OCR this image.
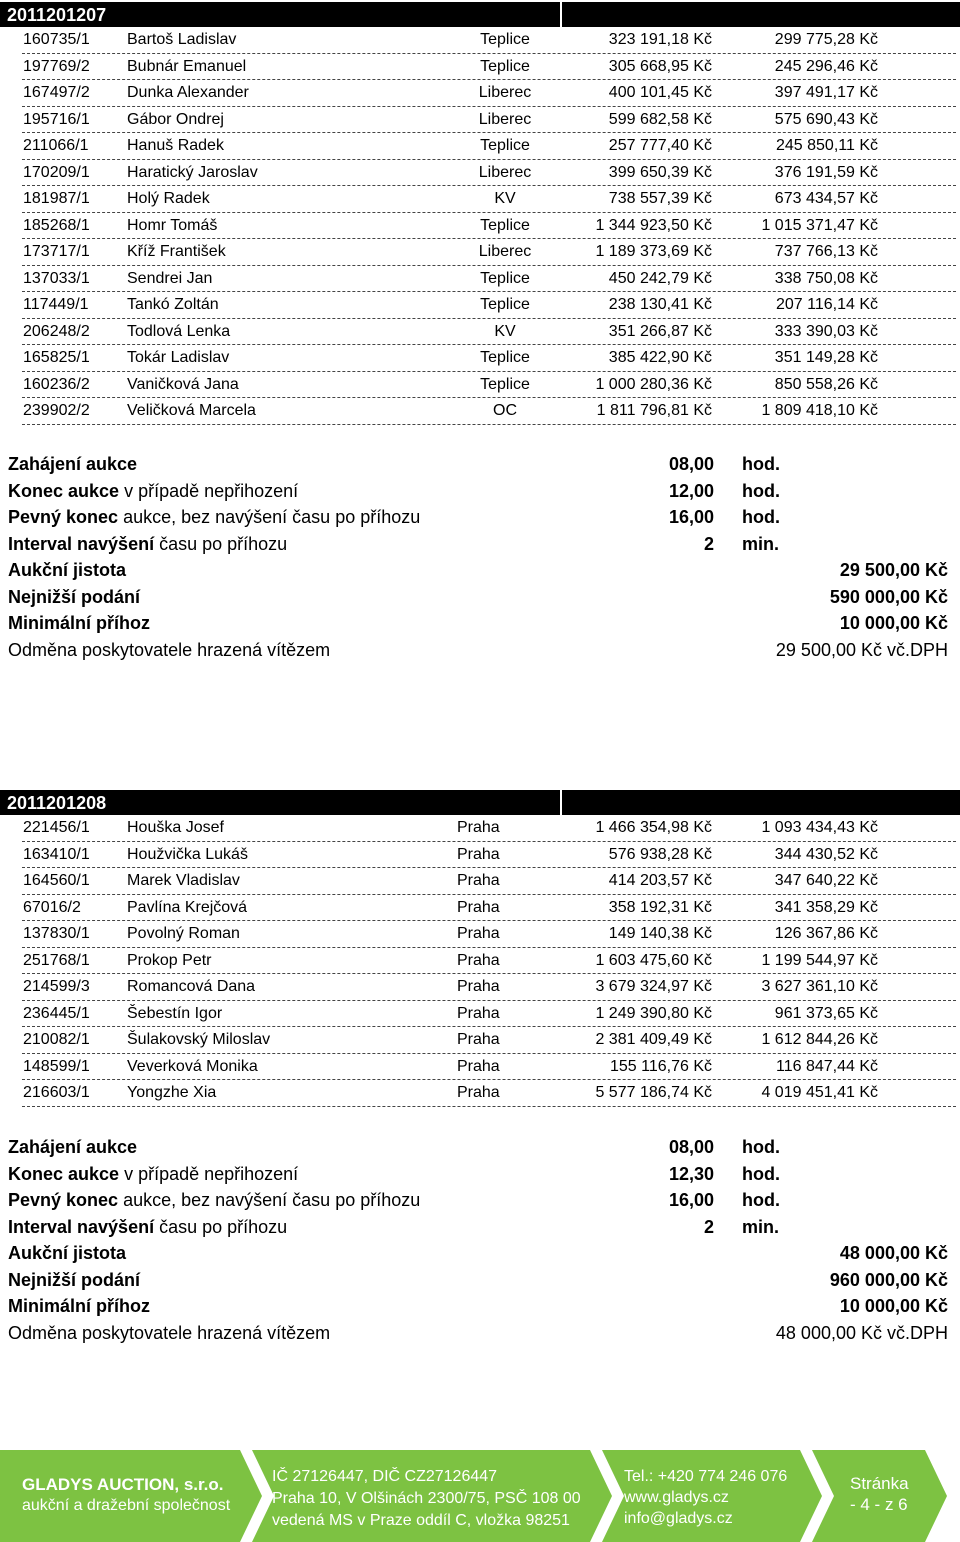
2011201207
160735/1 Bartoš Ladislav	Teplice	323 191,18 Kč	299 775,28 Kč
197769/2 Bubnár Emanuel	Teplice	305 668,95 Kč	245 296,46 Kč
167497/2 Dunka Alexander	Liberec	400 101,45 Kč	397 491,17 Kč
195716/1 Gábor Ondrej	Liberec	599 682,58 Kč	575 690,43 Kč
211066/1 Hanuš Radek	Teplice	257 777,40 Kč	245 850,11 Kč
170209/1 Haratický Jaroslav	Liberec	399 650,39 Kč	376 191,59 Kč
181987/1 Holý Radek	KV	738 557,39 Kč	673 434,57 Kč
185268/1 Homr Tomáš	Teplice	1 344 923,50 Kč	1 015 371,47 Kč
173717/1 Kříž František	Liberec	1 189 373,69 Kč	737 766,13 Kč
137033/1 Sendrei Jan	Teplice	450 242,79 Kč	338 750,08 Kč
117449/1 Tankó Zoltán	Teplice	238 130,41 Kč	207 116,14 Kč
206248/2 Todlová Lenka	KV	351 266,87 Kč	333 390,03 Kč
165825/1 Tokár Ladislav	Teplice	385 422,90 Kč	351 149,28 Kč
160236/2 Vaničková Jana	Teplice	1 000 280,36 Kč	850 558,26 Kč
239902/2 Veličková Marcela	OC	1 811 796,81 Kč	1 809 418,10 Kč
Zahájení aukce	08,00 hod.
Konec aukce v případě nepřihození	12,00 hod.
Pevný konec aukce, bez navýšení času po příhozu	16,00 hod.
Interval navýšení času po příhozu	2 min.
Aukční jistota	29 500,00 Kč
Nejnižší podání	590 000,00 Kč
Minimální příhoz	10 000,00 Kč
Odměna poskytovatele hrazená vítězem	29 500,00 Kč vč.DPH
2011201208
221456/1 Houška Josef	Praha	1 466 354,98 Kč	1 093 434,43 Kč
163410/1 Houžvička Lukáš	Praha	576 938,28 Kč	344 430,52 Kč
164560/1 Marek Vladislav	Praha	414 203,57 Kč	347 640,22 Kč
67016/2	Pavlína Krejčová	Praha	358 192,31 Kč	341 358,29 Kč
137830/1 Povolný Roman	Praha	149 140,38 Kč	126 367,86 Kč
251768/1 Prokop Petr	Praha	1 603 475,60 Kč	1 199 544,97 Kč
214599/3 Romancová Dana	Praha	3 679 324,97 Kč	3 627 361,10 Kč
236445/1 Šebestín Igor	Praha	1 249 390,80 Kč	961 373,65 Kč
210082/1 Šulakovský Miloslav	Praha	2 381 409,49 Kč	1 612 844,26 Kč
148599/1 Veverková Monika	Praha	155 116,76 Kč	116 847,44 Kč
216603/1 Yongzhe Xia	Praha	5 577 186,74 Kč	4 019 451,41 Kč
Zahájení aukce	08,00 hod.
Konec aukce v případě nepřihození	12,30 hod.
Pevný konec aukce, bez navýšení času po příhozu	16,00 hod.
Interval navýšení času po příhozu	2 min.
Aukční jistota	48 000,00 Kč
Nejnižší podání	960 000,00 Kč
Minimální příhoz	10 000,00 Kč
Odměna poskytovatele hrazená vítězem	48 000,00 Kč vč.DPH
GLADYS AUCTION, s.r.o.
aukční a dražební společnost
IČ 27126447, DIČ CZ27126447
Praha 10, V Olšinách 2300/75, PSČ 108 00
vedená MS v Praze oddíl C, vložka 98251
Tel.: +420 774 246 076
www.gladys.cz
info@gladys.cz
Stránka
- 4 - z 6
